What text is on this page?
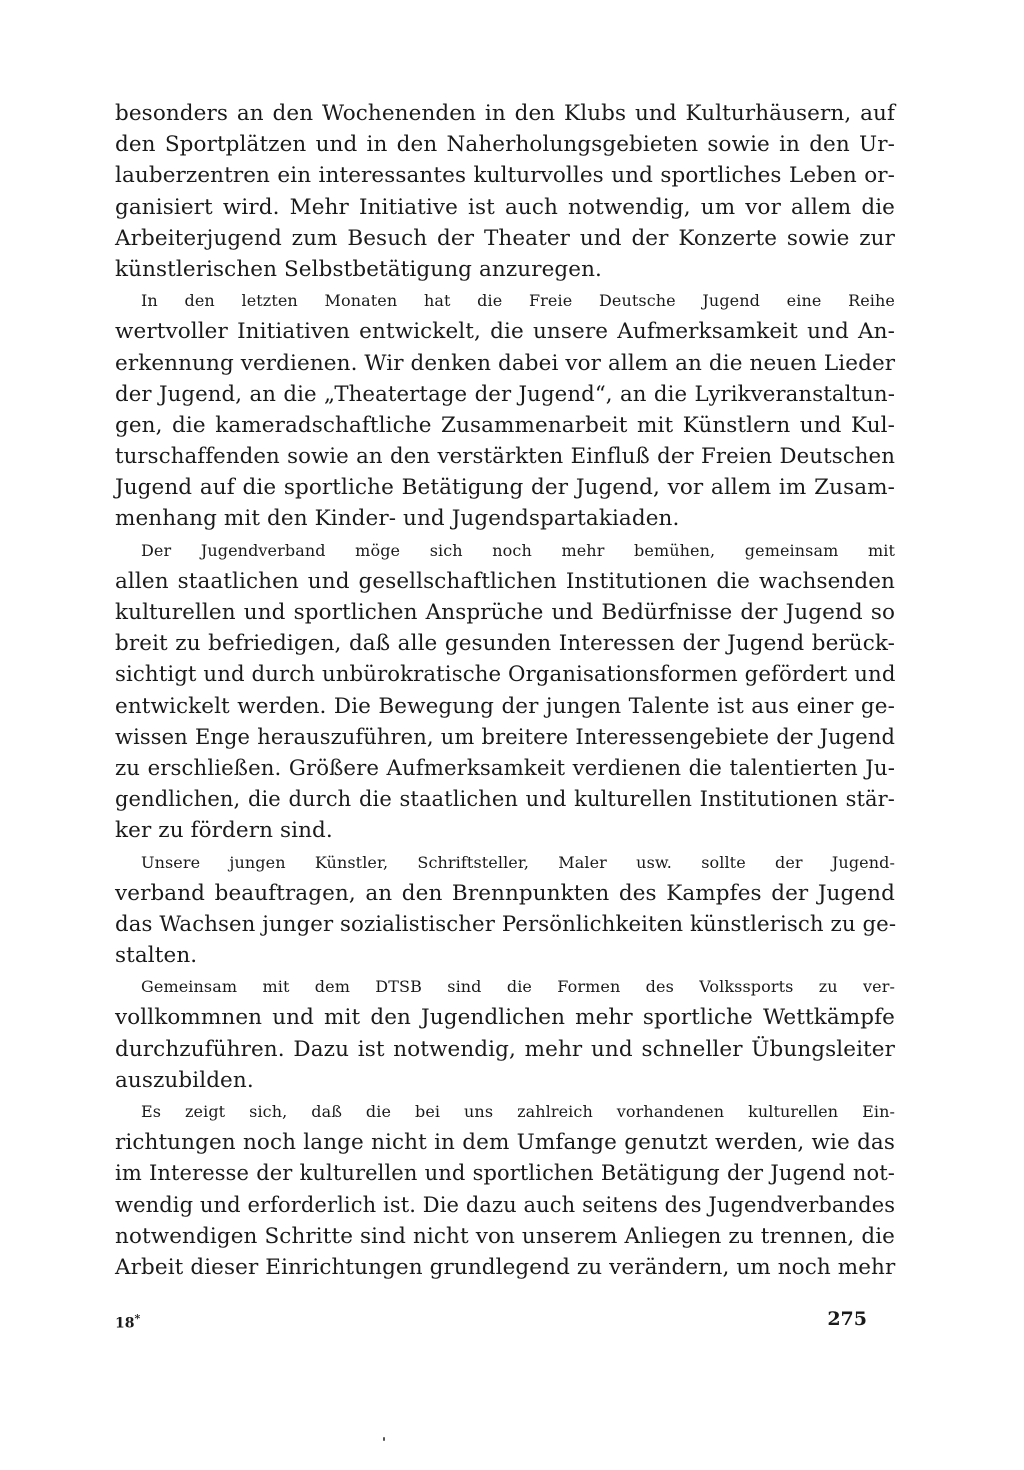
besonders an den Wochenenden in den Klubs und Kulturhäusern, auf
den Sportplätzen und in den Naherholungsgebieten sowie in den Ur-
lauberzentren ein interessantes kulturvolles und sportliches Leben or-
ganisiert wird. Mehr Initiative ist auch notwendig, um vor allem die
Arbeiterjugend zum Besuch der Theater und der Konzerte sowie zur
künstlerischen Selbstbetätigung anzuregen.
In den letzten Monaten hat die Freie Deutsche Jugend eine Reihe
wertvoller Initiativen entwickelt, die unsere Aufmerksamkeit und An-
erkennung verdienen. Wir denken dabei vor allem an die neuen Lieder
der Jugend, an die „Theatertage der Jugend“, an die Lyrikveranstaltun-
gen, die kameradschaftliche Zusammenarbeit mit Künstlern und Kul-
turschaffenden sowie an den verstärkten Einfluß der Freien Deutschen
Jugend auf die sportliche Betätigung der Jugend, vor allem im Zusam-
menhang mit den Kinder- und Jugendspartakiaden.
Der Jugendverband möge sich noch mehr bemühen, gemeinsam mit
allen staatlichen und gesellschaftlichen Institutionen die wachsenden
kulturellen und sportlichen Ansprüche und Bedürfnisse der Jugend so
breit zu befriedigen, daß alle gesunden Interessen der Jugend berück-
sichtigt und durch unbürokratische Organisationsformen gefördert und
entwickelt werden. Die Bewegung der jungen Talente ist aus einer ge-
wissen Enge herauszuführen, um breitere Interessengebiete der Jugend
zu erschließen. Größere Aufmerksamkeit verdienen die talentierten Ju-
gendlichen, die durch die staatlichen und kulturellen Institutionen stär-
ker zu fördern sind.
Unsere jungen Künstler, Schriftsteller, Maler usw. sollte der Jugend-
verband beauftragen, an den Brennpunkten des Kampfes der Jugend
das Wachsen junger sozialistischer Persönlichkeiten künstlerisch zu ge-
stalten.
Gemeinsam mit dem DTSB sind die Formen des Volkssports zu ver-
vollkommnen und mit den Jugendlichen mehr sportliche Wettkämpfe
durchzuführen. Dazu ist notwendig, mehr und schneller Übungsleiter
auszubilden.
Es zeigt sich, daß die bei uns zahlreich vorhandenen kulturellen Ein-
richtungen noch lange nicht in dem Umfange genutzt werden, wie das
im Interesse der kulturellen und sportlichen Betätigung der Jugend not-
wendig und erforderlich ist. Die dazu auch seitens des Jugendverbandes
notwendigen Schritte sind nicht von unserem Anliegen zu trennen, die
Arbeit dieser Einrichtungen grundlegend zu verändern, um noch mehr
18*	275
